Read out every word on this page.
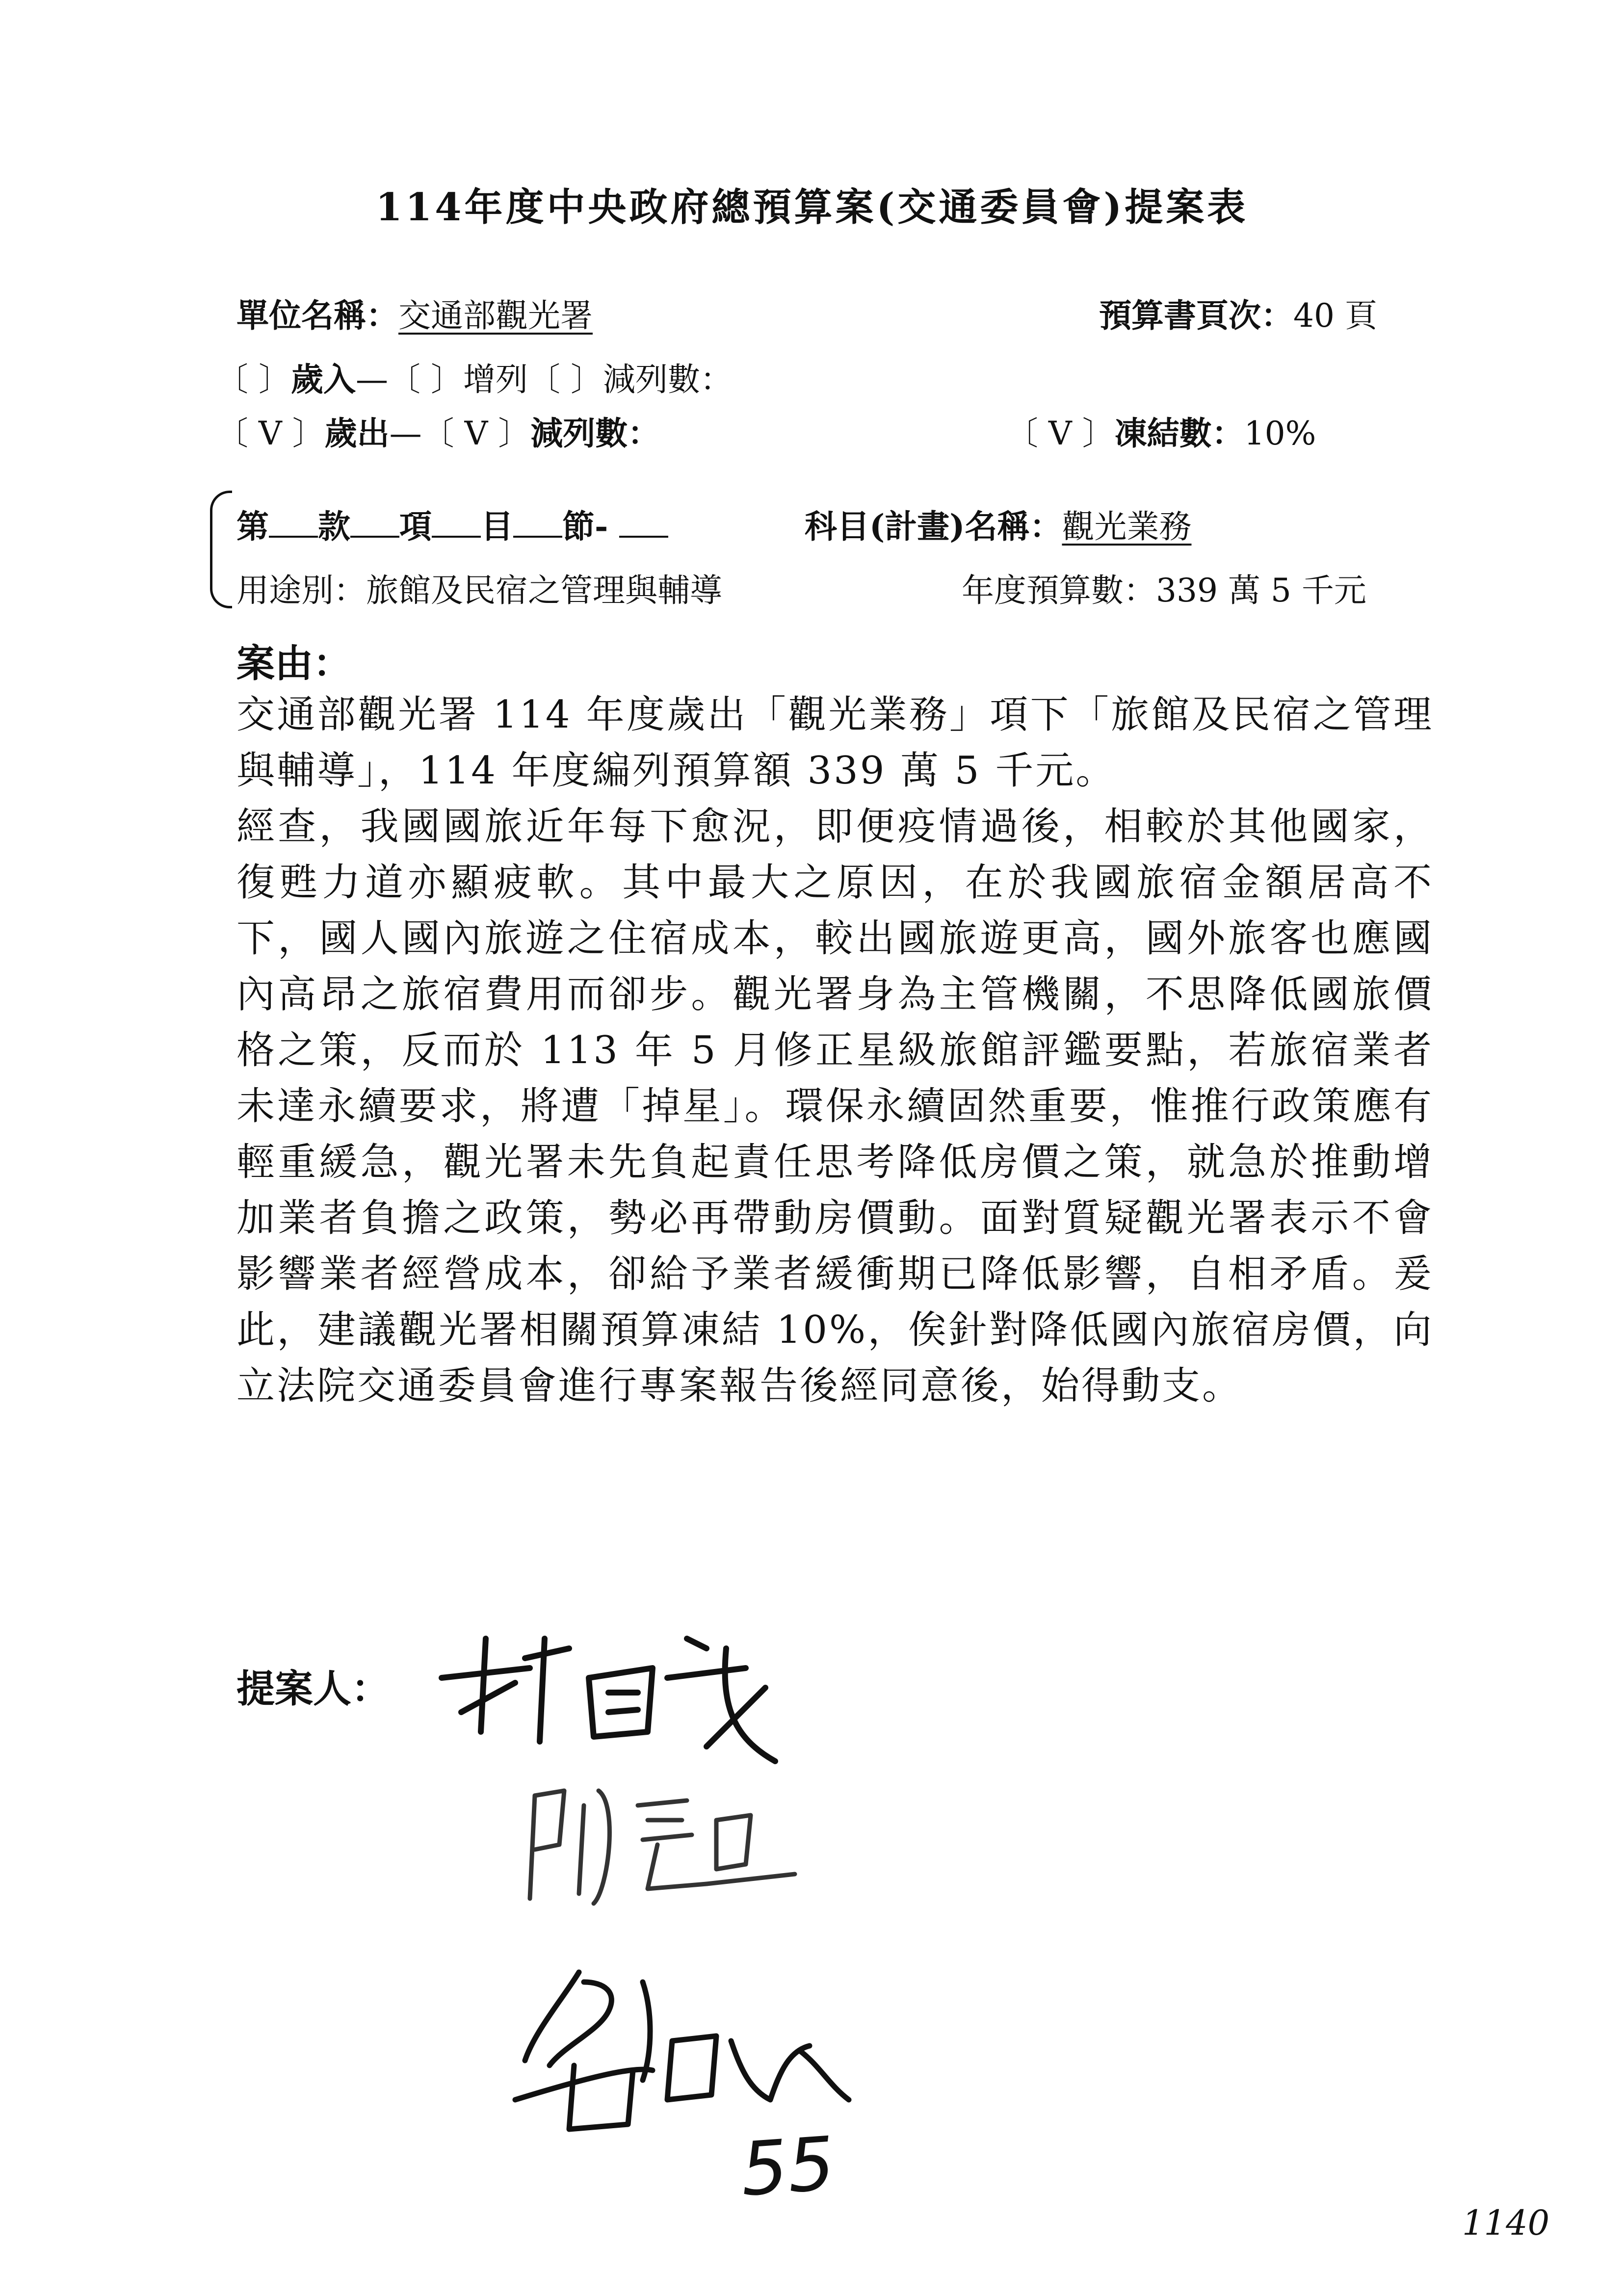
114年度中央政府總預算案(交通委員會)提案表
單位名稱：交通部觀光署	預算書頁次：40 頁
〔 〕歲入—〔 〕增列〔 〕減列數：
〔 V 〕歲出—〔 V 〕減列數：	〔 V 〕凍結數：10%
第 款 項 目 節-	科目(計畫)名稱：觀光業務
用途別：旅館及民宿之管理與輔導	年度預算數：339 萬 5 千元
案由：

交通部觀光署 114 年度歲出「觀光業務」項下「旅館及民宿之管理與輔導」，114 年度編列預算額 339 萬 5 千元。

經查，我國國旅近年每下愈況，即便疫情過後，相較於其他國家，復甦力道亦顯疲軟。其中最大之原因，在於我國旅宿金額居高不下，國人國內旅遊之住宿成本，較出國旅遊更高，國外旅客也應國內高昂之旅宿費用而卻步。觀光署身為主管機關，不思降低國旅價格之策，反而於 113 年 5 月修正星級旅館評鑑要點，若旅宿業者未達永續要求，將遭「掉星」。環保永續固然重要，惟推行政策應有輕重緩急，觀光署未先負起責任思考降低房價之策，就急於推動增加業者負擔之政策，勢必再帶動房價動。面對質疑觀光署表示不會影響業者經營成本，卻給予業者緩衝期已降低影響，自相矛盾。爰此，建議觀光署相關預算凍結 10%，俟針對降低國內旅宿房價，向立法院交通委員會進行專案報告後經同意後，始得動支。

提案人：
55
1140
